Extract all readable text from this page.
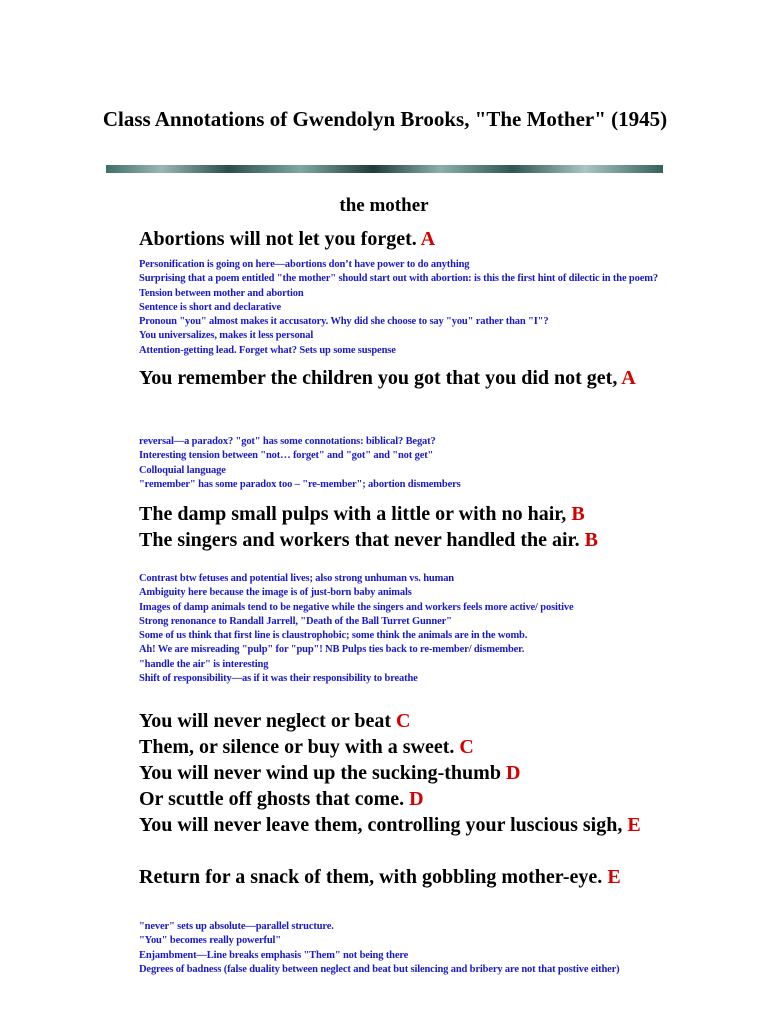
Class Annotations of Gwendolyn Brooks, "The Mother" (1945)
the mother

Abortions will not let you forget. A

Personification is going on here—abortions don’t have power to do anything
Surprising that a poem entitled "the mother" should start out with abortion: is this the first hint of dilectic in the poem? Tension between mother and abortion
Sentence is short and declarative
Pronoun "you" almost makes it accusatory. Why did she choose to say "you" rather than "I"?
You universalizes, makes it less personal
Attention-getting lead. Forget what? Sets up some suspense

You remember the children you got that you did not get, A

reversal—a paradox? "got" has some connotations: biblical? Begat?
Interesting tension between "not… forget" and "got" and "not get"
Colloquial language
"remember" has some paradox too – "re-member"; abortion dismembers

The damp small pulps with a little or with no hair, B

The singers and workers that never handled the air. B

Contrast btw fetuses and potential lives; also strong unhuman vs. human
Ambiguity here because the image is of just-born baby animals
Images of damp animals tend to be negative while the singers and workers feels more active/ positive
Strong renonance to Randall Jarrell, "Death of the Ball Turret Gunner"
Some of us think that first line is claustrophobic; some think the animals are in the womb.
Ah! We are misreading "pulp" for "pup"! NB Pulps ties back to re-member/ dismember.
"handle the air" is interesting
Shift of responsibility—as if it was their responsibility to breathe

You will never neglect or beat C

Them, or silence or buy with a sweet. C

You will never wind up the sucking-thumb D

Or scuttle off ghosts that come. D

You will never leave them, controlling your luscious sigh, E

Return for a snack of them, with gobbling mother-eye. E

"never" sets up absolute—parallel structure.
"You" becomes really powerful"
Enjambment—Line breaks emphasis "Them" not being there
Degrees of badness (false duality between neglect and beat but silencing and bribery are not that postive either)
